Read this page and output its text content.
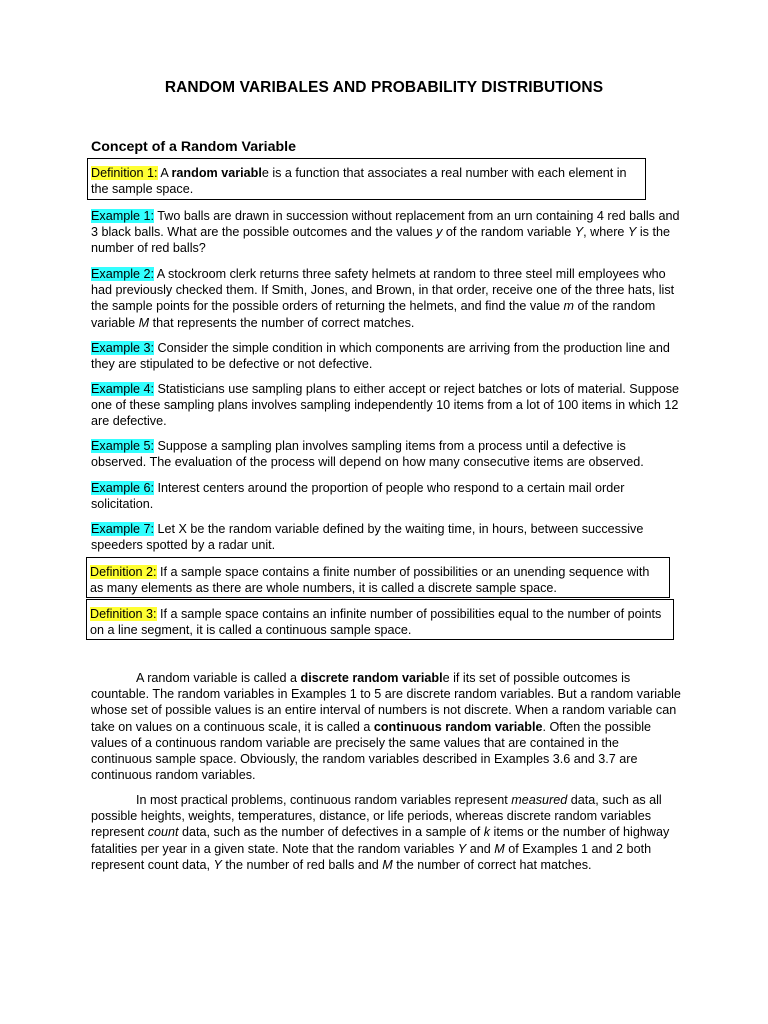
RANDOM VARIBALES AND PROBABILITY DISTRIBUTIONS
Concept of a Random Variable

Definition 1: A random variable is a function that associates a real number with each element in the sample space.

Example 1: Two balls are drawn in succession without replacement from an urn containing 4 red balls and 3 black balls. What are the possible outcomes and the values y of the random variable Y, where Y is the number of red balls?

Example 2: A stockroom clerk returns three safety helmets at random to three steel mill employees who had previously checked them. If Smith, Jones, and Brown, in that order, receive one of the three hats, list the sample points for the possible orders of returning the helmets, and find the value m of the random variable M that represents the number of correct matches.

Example 3: Consider the simple condition in which components are arriving from the production line and they are stipulated to be defective or not defective.

Example 4: Statisticians use sampling plans to either accept or reject batches or lots of material. Suppose one of these sampling plans involves sampling independently 10 items from a lot of 100 items in which 12 are defective.

Example 5: Suppose a sampling plan involves sampling items from a process until a defective is observed. The evaluation of the process will depend on how many consecutive items are observed.

Example 6: Interest centers around the proportion of people who respond to a certain mail order solicitation.

Example 7: Let X be the random variable defined by the waiting time, in hours, between successive speeders spotted by a radar unit.

Definition 2: If a sample space contains a finite number of possibilities or an unending sequence with as many elements as there are whole numbers, it is called a discrete sample space.

Definition 3: If a sample space contains an infinite number of possibilities equal to the number of points on a line segment, it is called a continuous sample space.

A random variable is called a discrete random variable if its set of possible outcomes is countable. The random variables in Examples 1 to 5 are discrete random variables. But a random variable whose set of possible values is an entire interval of numbers is not discrete. When a random variable can take on values on a continuous scale, it is called a continuous random variable. Often the possible values of a continuous random variable are precisely the same values that are contained in the continuous sample space. Obviously, the random variables described in Examples 3.6 and 3.7 are continuous random variables.

In most practical problems, continuous random variables represent measured data, such as all possible heights, weights, temperatures, distance, or life periods, whereas discrete random variables represent count data, such as the number of defectives in a sample of k items or the number of highway fatalities per year in a given state. Note that the random variables Y and M of Examples 1 and 2 both represent count data, Y the number of red balls and M the number of correct hat matches.
